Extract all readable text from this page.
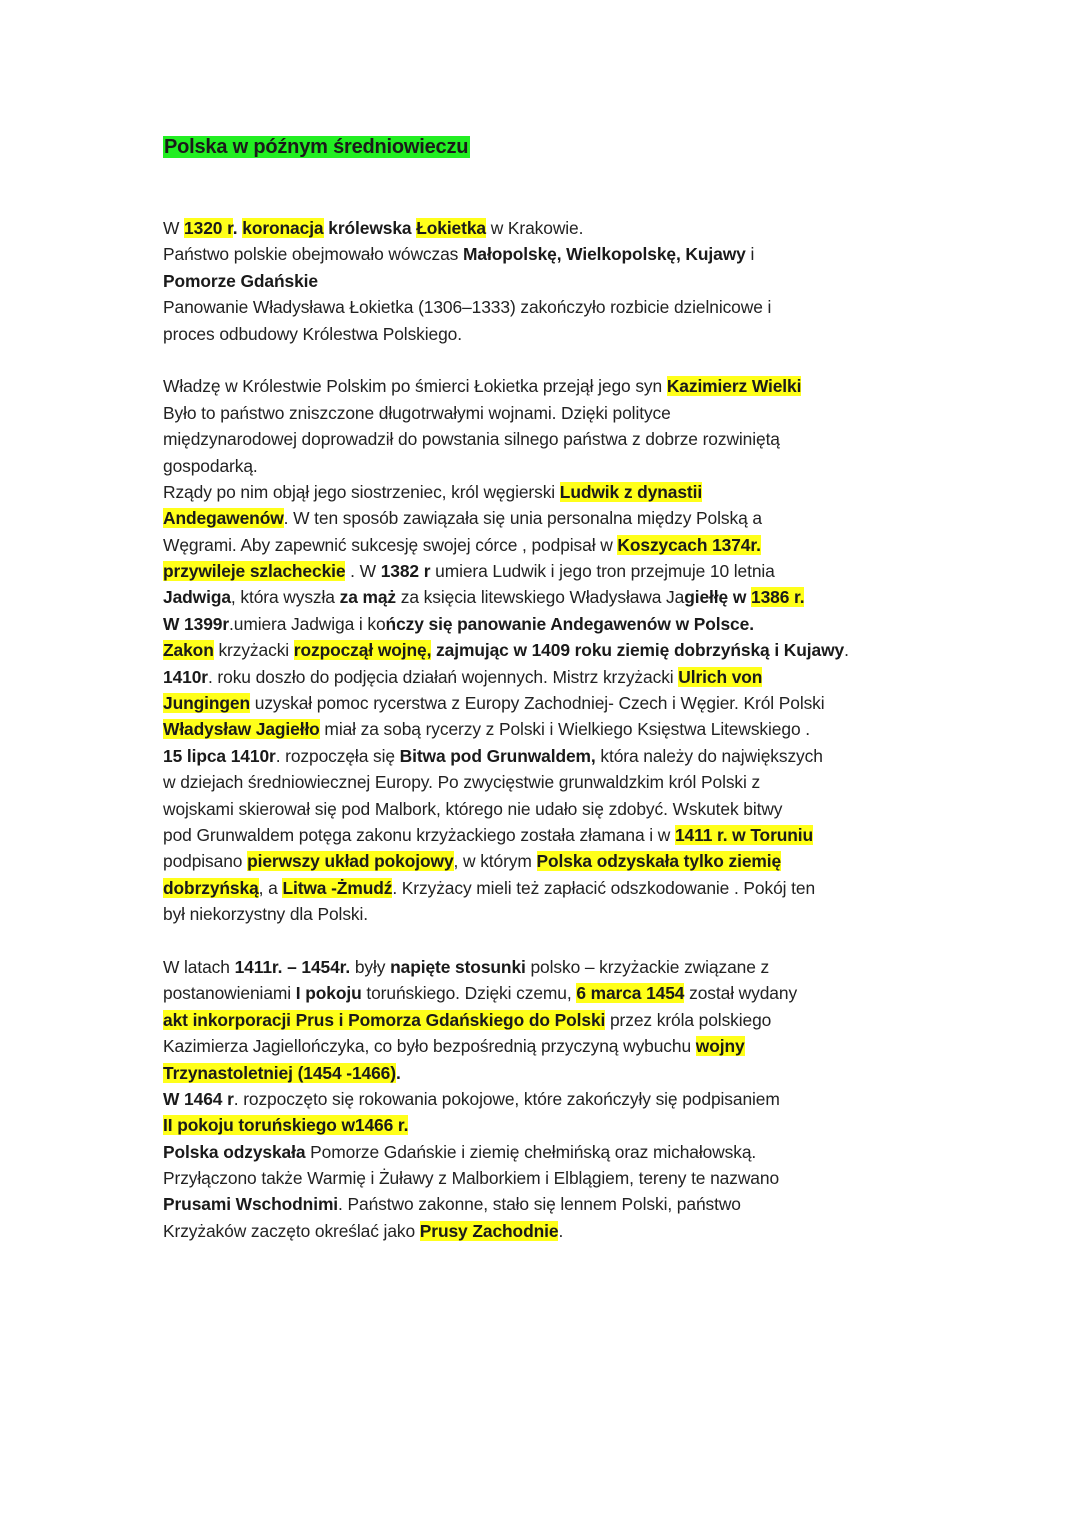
Polska w późnym średniowieczu
W 1320 r. koronacja królewska Łokietka w Krakowie.
Państwo polskie obejmowało wówczas Małopolskę, Wielkopolskę, Kujawy i
Pomorze Gdańskie
Panowanie Władysława Łokietka (1306–1333) zakończyło rozbicie dzielnicowe i
proces odbudowy Królestwa Polskiego.
Władzę w Królestwie Polskim po śmierci Łokietka przejął jego syn Kazimierz Wielki
Było to państwo zniszczone długotrwałymi wojnami. Dzięki polityce
międzynarodowej doprowadził do powstania silnego państwa z dobrze rozwiniętą
gospodarką.
Rządy po nim objął jego siostrzeniec, król węgierski Ludwik z dynastii
Andegawenów. W ten sposób zawiązała się unia personalna między Polską a
Węgrami. Aby zapewnić sukcesję swojej córce , podpisał w Koszycach 1374r.
przywileje szlacheckie . W 1382 r umiera Ludwik i jego tron przejmuje 10 letnia
Jadwiga, która wyszła za mąż za księcia litewskiego Władysława Jagiełłę w 1386 r.
W 1399r.umiera Jadwiga i kończy się panowanie Andegawenów w Polsce.
Zakon krzyżacki rozpoczął wojnę, zajmując w 1409 roku ziemię dobrzyńską i Kujawy.
1410r. roku doszło do podjęcia działań wojennych. Mistrz krzyżacki Ulrich von
Jungingen uzyskał pomoc rycerstwa z Europy Zachodniej- Czech i Węgier. Król Polski
Władysław Jagiełło miał za sobą rycerzy z Polski i Wielkiego Księstwa Litewskiego .
15 lipca 1410r. rozpoczęła się Bitwa pod Grunwaldem, która należy do największych
w dziejach średniowiecznej Europy. Po zwycięstwie grunwaldzkim król Polski z
wojskami skierował się pod Malbork, którego nie udało się zdobyć. Wskutek bitwy
pod Grunwaldem potęga zakonu krzyżackiego została złamana i w 1411 r. w Toruniu
podpisano pierwszy układ pokojowy, w którym Polska odzyskała tylko ziemię
dobrzyńską, a Litwa -Żmudź. Krzyżacy mieli też zapłacić odszkodowanie . Pokój ten
był niekorzystny dla Polski.
W latach 1411r. – 1454r. były napięte stosunki polsko – krzyżackie związane z
postanowieniami I pokoju toruńskiego. Dzięki czemu, 6 marca 1454 został wydany
akt inkorporacji Prus i Pomorza Gdańskiego do Polski przez króla polskiego
Kazimierza Jagiellończyka, co było bezpośrednią przyczyną wybuchu wojny
Trzynastoletniej (1454 -1466).
W 1464 r. rozpoczęto się rokowania pokojowe, które zakończyły się podpisaniem
II pokoju toruńskiego w1466 r.
Polska odzyskała Pomorze Gdańskie i ziemię chełmińską oraz michałowską.
Przyłączono także Warmię i Żuławy z Malborkiem i Elblągiem, tereny te nazwano
Prusami Wschodnimi. Państwo zakonne, stało się lennem Polski, państwo
Krzyżaków zaczęto określać jako Prusy Zachodnie.
